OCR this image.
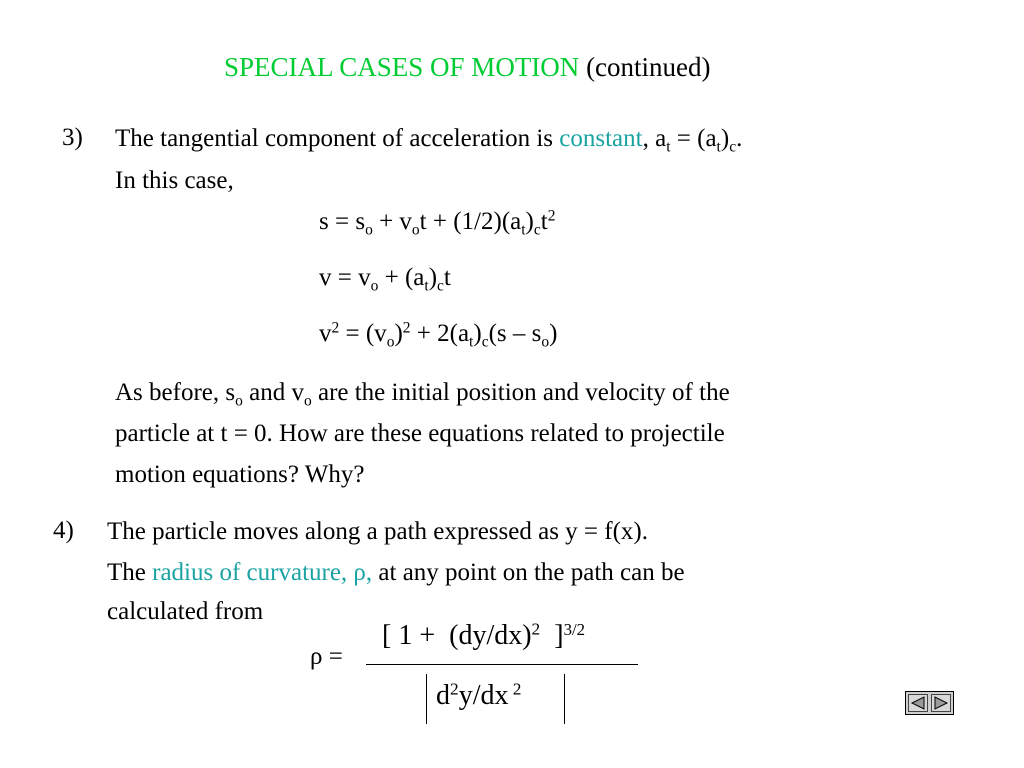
SPECIAL CASES OF MOTION (continued)
3) The tangential component of acceleration is constant, $a_t = (a_t)_c$.
In this case,
$s = s_o + v_ot + (1/2)(a_t)_ct^2$
$v = v_o + (a_t)_ct$
$v^2 = (v_o)^2 + 2(a_t)_c(s - s_o)$
As before, $s_o$ and $v_o$ are the initial position and velocity of the
particle at t = 0. How are these equations related to projectile
motion equations? Why?
4) The particle moves along a path expressed as y = f(x).
The radius of curvature, ρ, at any point on the path can be
calculated from
ρ =
[ $1 + (dy/dx)^2$  ]$^{3/2}$
$d^2y/dx$ $^2$
